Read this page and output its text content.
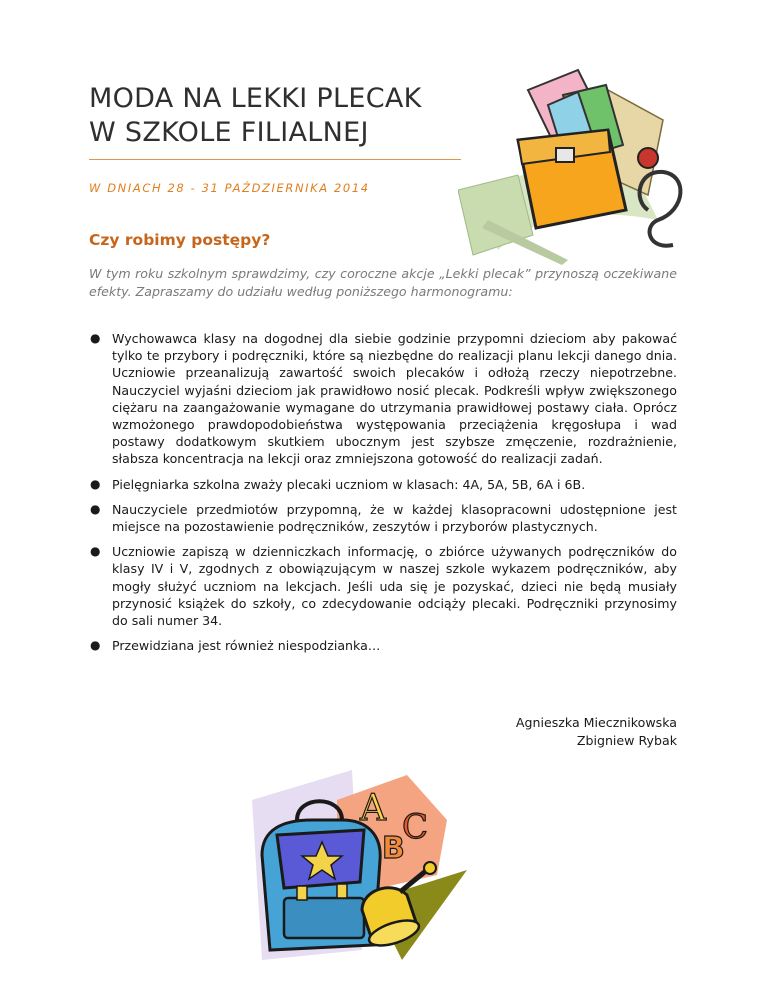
MODA NA LEKKI PLECAK
W SZKOLE FILIALNEJ
W DNIACH 28 - 31 PAŹDZIERNIKA 2014
Czy robimy postępy?
W tym roku szkolnym sprawdzimy, czy coroczne akcje „Lekki plecak” przynoszą oczekiwane efekty. Zapraszamy do udziału według poniższego harmonogramu:
● Wychowawca klasy na dogodnej dla siebie godzinie przypomni dzieciom aby pakować tylko te przybory i podręczniki, które są niezbędne do realizacji planu lekcji danego dnia. Uczniowie przeanalizują zawartość swoich plecaków i odłożą rzeczy niepotrzebne. Nauczyciel wyjaśni dzieciom jak prawidłowo nosić plecak. Podkreśli wpływ zwiększonego ciężaru na zaangażowanie wymagane do utrzymania prawidłowej postawy ciała. Oprócz wzmożonego prawdopodobieństwa występowania przeciążenia kręgosłupa i wad postawy dodatkowym skutkiem ubocznym jest szybsze zmęczenie, rozdrażnienie, słabsza koncentracja na lekcji oraz zmniejszona gotowość do realizacji zadań.
● Pielęgniarka szkolna zważy plecaki uczniom w klasach: 4A, 5A, 5B, 6A i 6B.
● Nauczyciele przedmiotów przypomną, że w każdej klasopracowni udostępnione jest miejsce na pozostawienie podręczników, zeszytów i przyborów plastycznych.
● Uczniowie zapiszą w dzienniczkach informację, o zbiórce używanych podręczników do klasy IV i V, zgodnych z obowiązującym w naszej szkole wykazem podręczników, aby mogły służyć uczniom na lekcjach. Jeśli uda się je pozyskać, dzieci nie będą musiały przynosić książek do szkoły, co zdecydowanie odciąży plecaki. Podręczniki przynosimy do sali numer 34.
● Przewidziana jest również niespodzianka…
Agnieszka Miecznikowska
Zbigniew Rybak
A C
B
